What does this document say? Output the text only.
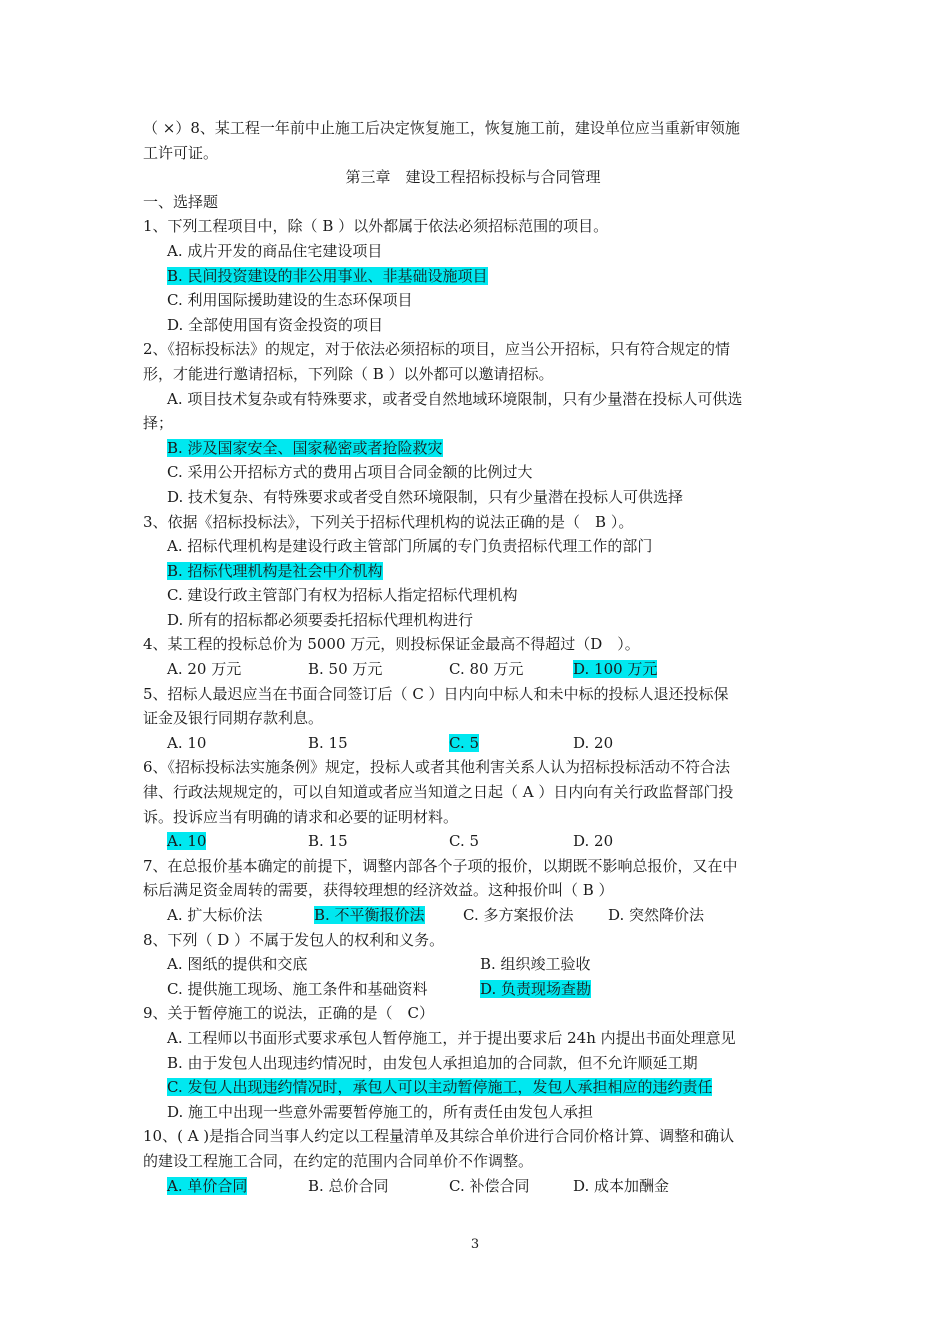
（ ×）8、某工程一年前中止施工后决定恢复施工，恢复施工前，建设单位应当重新审领施
工许可证。
第三章　建设工程招标投标与合同管理
一、选择题
1、下列工程项目中，除（ B ）以外都属于依法必须招标范围的项目。
A. 成片开发的商品住宅建设项目
B. 民间投资建设的非公用事业、非基础设施项目
C. 利用国际援助建设的生态环保项目
D. 全部使用国有资金投资的项目
2、《招标投标法》的规定，对于依法必须招标的项目，应当公开招标，只有符合规定的情
形，才能进行邀请招标，下列除（ B ）以外都可以邀请招标。
A. 项目技术复杂或有特殊要求，或者受自然地域环境限制，只有少量潜在投标人可供选
择；
B. 涉及国家安全、国家秘密或者抢险救灾
C. 采用公开招标方式的费用占项目合同金额的比例过大
D. 技术复杂、有特殊要求或者受自然环境限制，只有少量潜在投标人可供选择
3、依据《招标投标法》，下列关于招标代理机构的说法正确的是（　B ）。
A. 招标代理机构是建设行政主管部门所属的专门负责招标代理工作的部门
B. 招标代理机构是社会中介机构
C. 建设行政主管部门有权为招标人指定招标代理机构
D. 所有的招标都必须要委托招标代理机构进行
4、某工程的投标总价为 5000 万元，则投标保证金最高不得超过（D　）。
A. 20 万元	B. 50 万元	C. 80 万元	D. 100 万元
5、招标人最迟应当在书面合同签订后（ C ）日内向中标人和未中标的投标人退还投标保
证金及银行同期存款利息。
A. 10	B. 15	C. 5	D. 20
6、《招标投标法实施条例》规定，投标人或者其他利害关系人认为招标投标活动不符合法
律、行政法规规定的，可以自知道或者应当知道之日起（ A ）日内向有关行政监督部门投
诉。投诉应当有明确的请求和必要的证明材料。
A. 10	B. 15	C. 5	D. 20
7、在总报价基本确定的前提下，调整内部各个子项的报价，以期既不影响总报价，又在中
标后满足资金周转的需要，获得较理想的经济效益。这种报价叫（ B ）
A. 扩大标价法	B. 不平衡报价法	C. 多方案报价法	D. 突然降价法
8、下列（ D ）不属于发包人的权利和义务。
A. 图纸的提供和交底	B. 组织竣工验收
C. 提供施工现场、施工条件和基础资料	D. 负责现场查勘
9、关于暂停施工的说法，正确的是（　C）
A. 工程师以书面形式要求承包人暂停施工，并于提出要求后 24h 内提出书面处理意见
B. 由于发包人出现违约情况时，由发包人承担追加的合同款，但不允许顺延工期
C. 发包人出现违约情况时，承包人可以主动暂停施工，发包人承担相应的违约责任
D. 施工中出现一些意外需要暂停施工的，所有责任由发包人承担
10、( A )是指合同当事人约定以工程量清单及其综合单价进行合同价格计算、调整和确认
的建设工程施工合同，在约定的范围内合同单价不作调整。
A. 单价合同	B. 总价合同	C. 补偿合同	D. 成本加酬金
3
